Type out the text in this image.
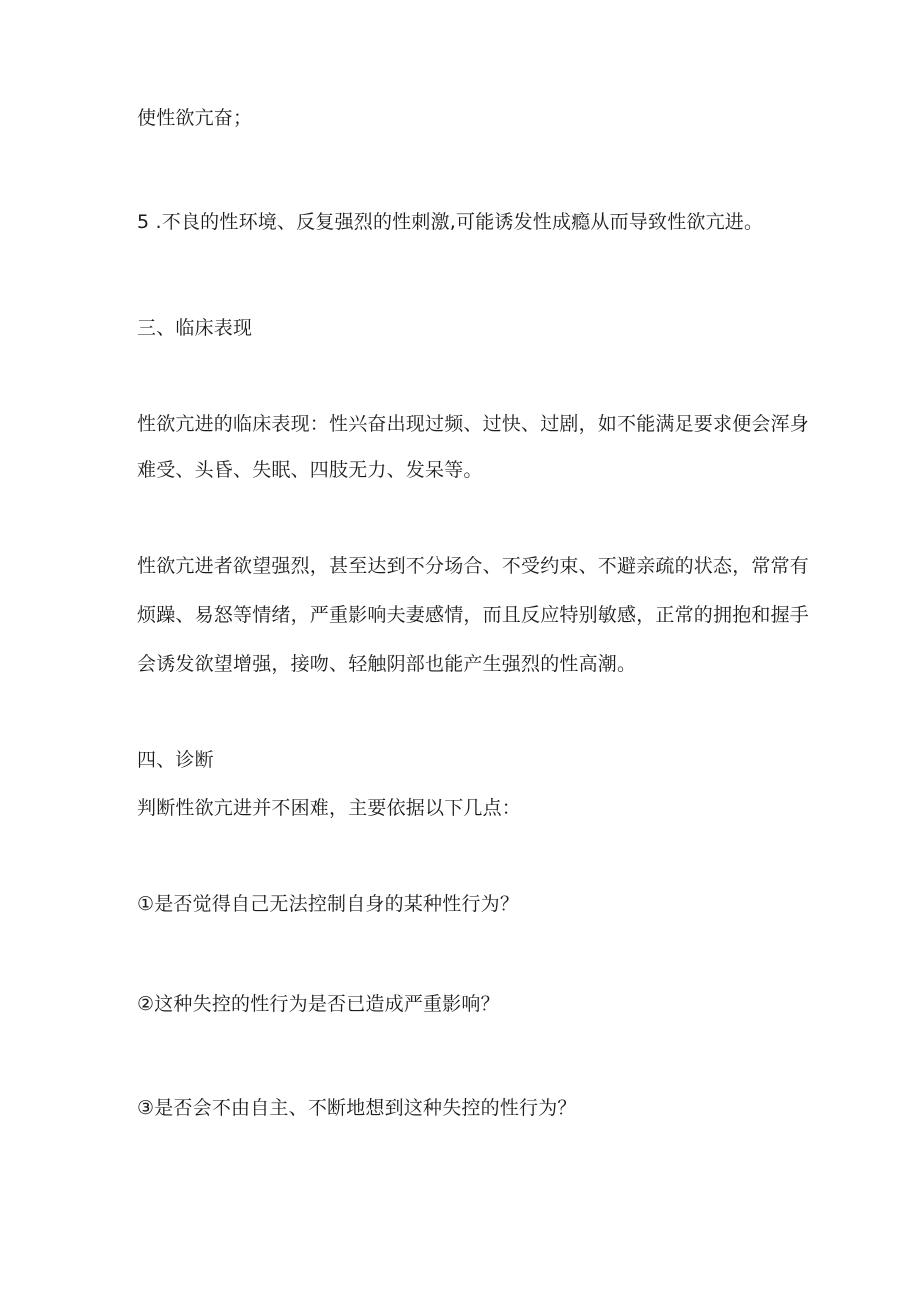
使性欲亢奋；
5 .不良的性环境、反复强烈的性刺激,可能诱发性成瘾从而导致性欲亢进。
三、临床表现
性欲亢进的临床表现：性兴奋出现过频、过快、过剧，如不能满足要求便会浑身
难受、头昏、失眠、四肢无力、发呆等。
性欲亢进者欲望强烈，甚至达到不分场合、不受约束、不避亲疏的状态，常常有
烦躁、易怒等情绪，严重影响夫妻感情，而且反应特别敏感，正常的拥抱和握手
会诱发欲望增强，接吻、轻触阴部也能产生强烈的性高潮。
四、诊断
判断性欲亢进并不困难，主要依据以下几点：
①是否觉得自己无法控制自身的某种性行为？
②这种失控的性行为是否已造成严重影响？
③是否会不由自主、不断地想到这种失控的性行为？
